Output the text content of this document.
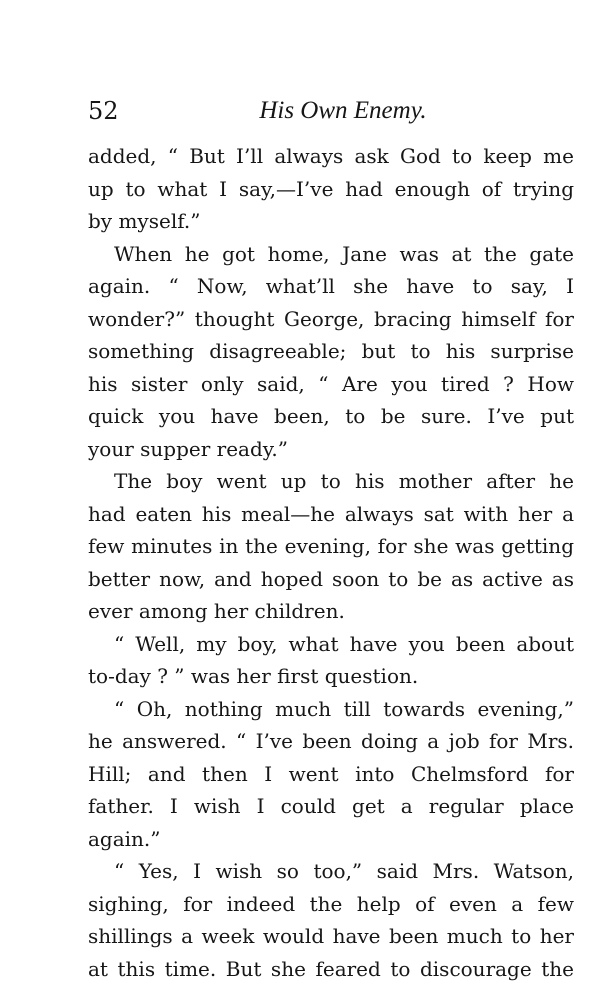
52	His Own Enemy.
added, “ But I’ll always ask God to keep me
up to what I say,—I’ve had enough of trying
by myself.”
When he got home, Jane was at the gate
again. “ Now, what’ll she have to say, I
wonder?” thought George, bracing himself for
something disagreeable; but to his surprise
his sister only said, “ Are you tired ? How
quick you have been, to be sure. I’ve put
your supper ready.”
The boy went up to his mother after he
had eaten his meal—he always sat with her a
few minutes in the evening, for she was getting
better now, and hoped soon to be as active as
ever among her children.
“ Well, my boy, what have you been about
to-day ? ” was her first question.
“ Oh, nothing much till towards evening,”
he answered. “ I’ve been doing a job for Mrs.
Hill; and then I went into Chelmsford for
father. I wish I could get a regular place
again.”
“ Yes, I wish so too,” said Mrs. Watson,
sighing, for indeed the help of even a few
shillings a week would have been much to her
at this time. But she feared to discourage the
